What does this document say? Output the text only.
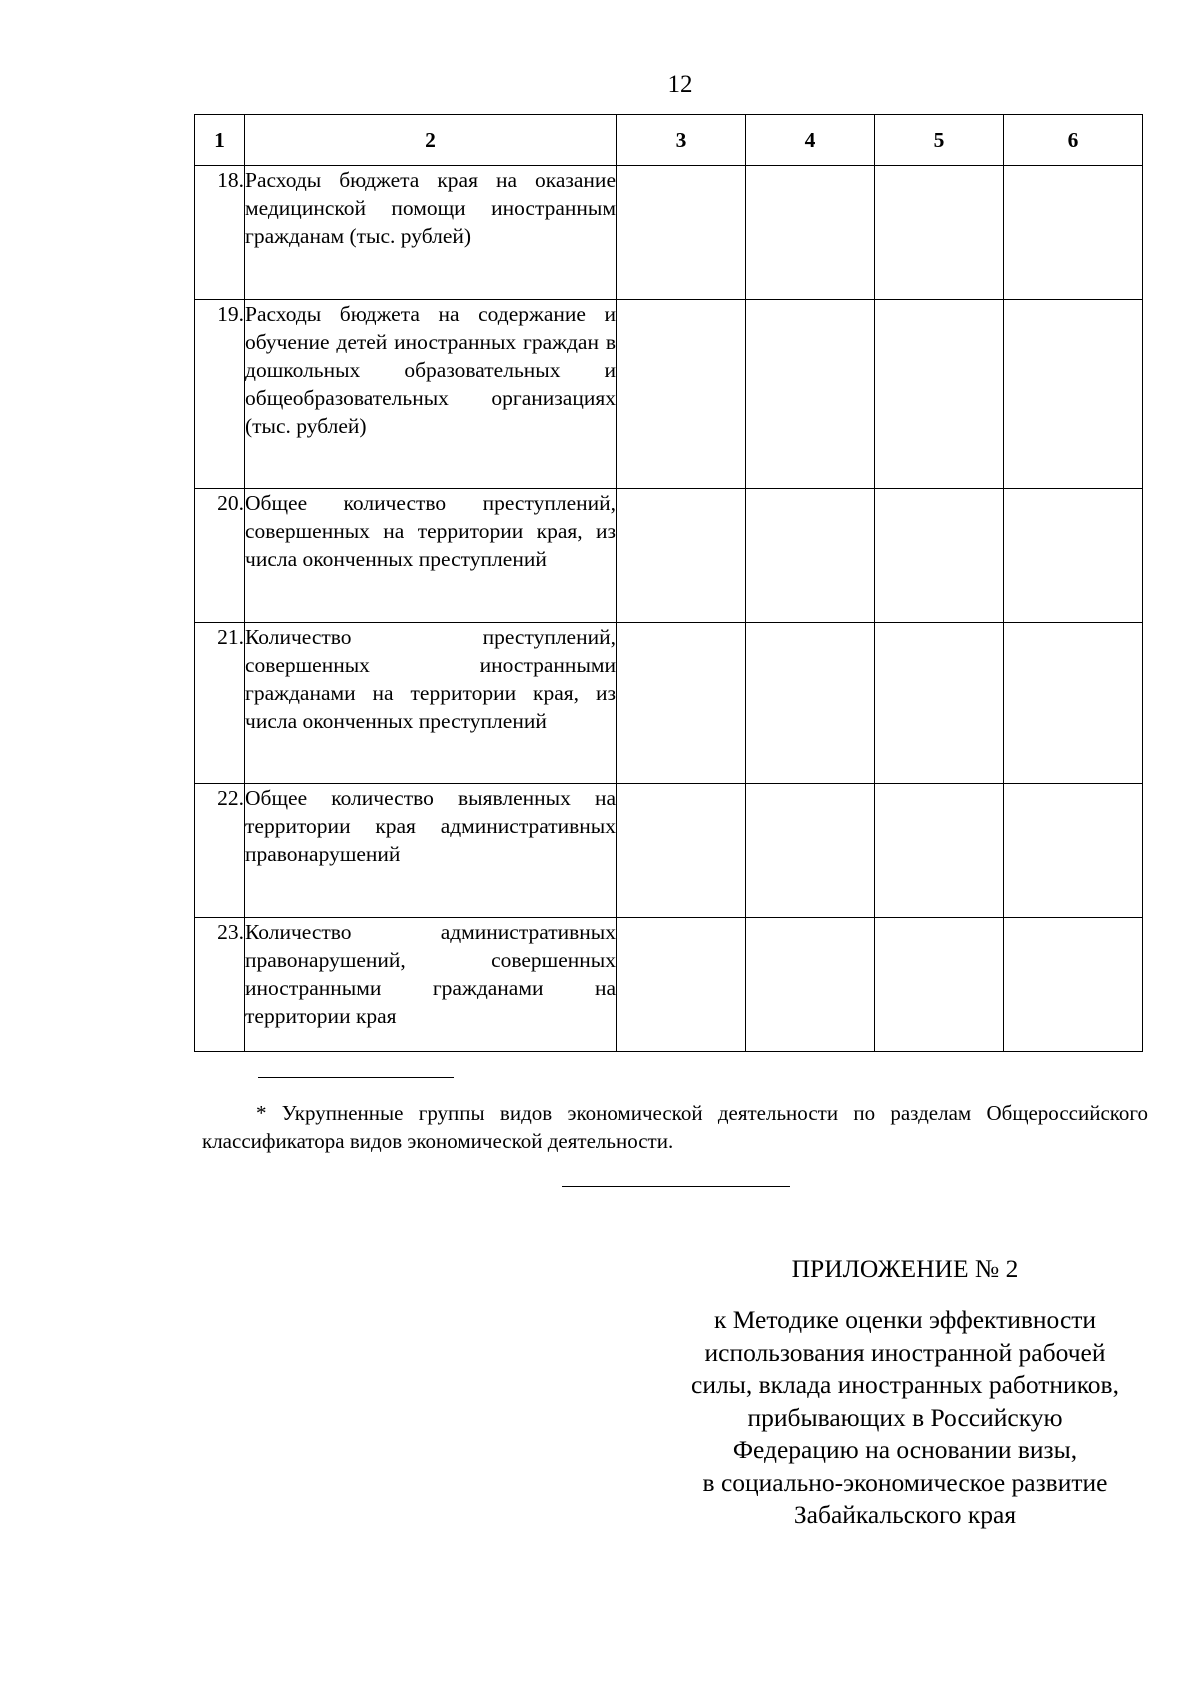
12
1	2	3	4	5	6
18.	Расходы бюджета края на оказание медицинской помощи иностранным гражданам (тыс. рублей)				
19.	Расходы бюджета на содержание и обучение детей иностранных граждан в дошкольных образовательных и общеобразовательных организациях (тыс. рублей)				
20.	Общее количество преступлений, совершенных на территории края, из числа оконченных преступлений				
21.	Количество преступлений, совершенных иностранными гражданами на территории края, из числа оконченных преступлений				
22.	Общее количество выявленных на территории края административных правонарушений				
23.	Количество административных правонарушений, совершенных иностранными гражданами на территории края				
* Укрупненные группы видов экономической деятельности по разделам Общероссийского классификатора видов экономической деятельности.
ПРИЛОЖЕНИЕ № 2
к Методике оценки эффективности
использования иностранной рабочей
силы, вклада иностранных работников,
прибывающих в Российскую
Федерацию на основании визы,
в социально-экономическое развитие
Забайкальского края
